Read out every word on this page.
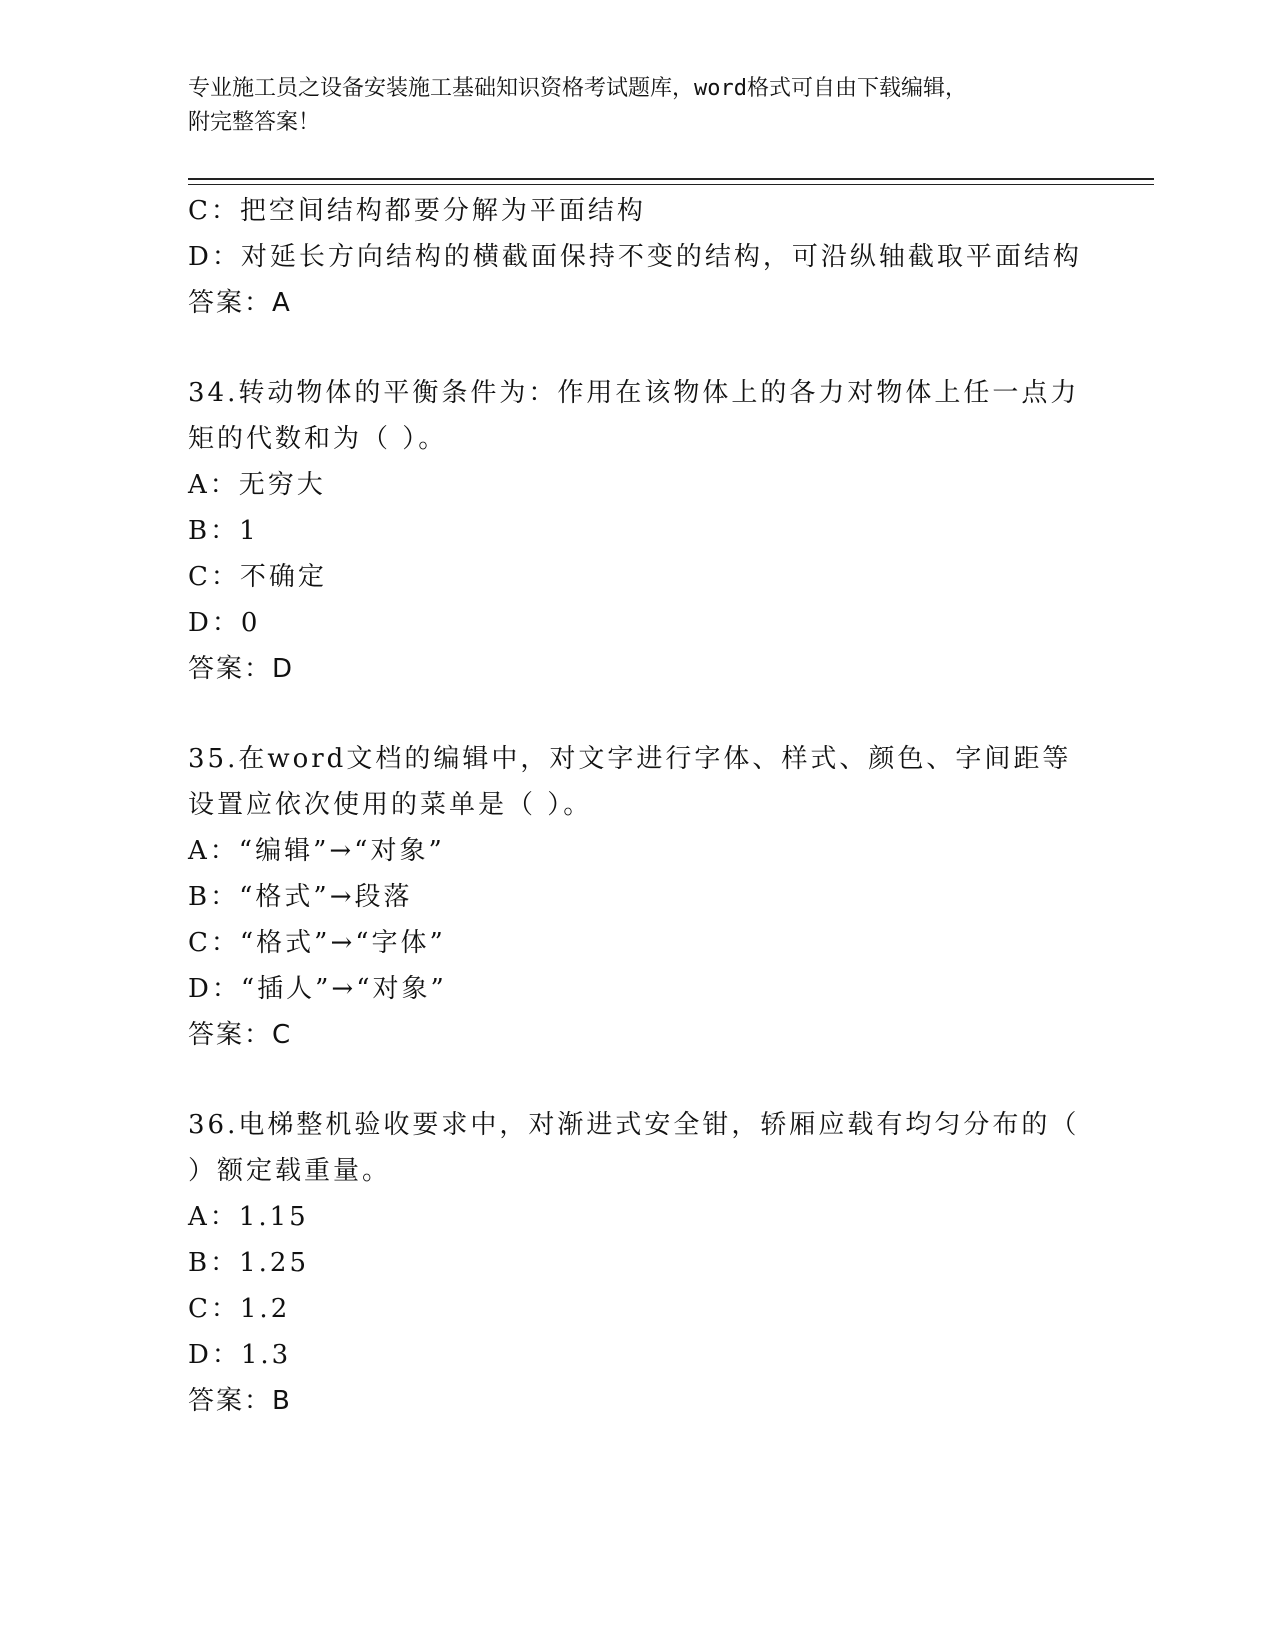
专业施工员之设备安装施工基础知识资格考试题库，word格式可自由下载编辑，
附完整答案！
C：把空间结构都要分解为平面结构
D：对延长方向结构的横截面保持不变的结构，可沿纵轴截取平面结构
答案：A
34.转动物体的平衡条件为：作用在该物体上的各力对物体上任一点力
矩的代数和为（ ）。
A：无穷大
B：1
C：不确定
D：0
答案：D
35.在word文档的编辑中，对文字进行字体、样式、颜色、字间距等
设置应依次使用的菜单是（ ）。
A：“编辑”→“对象”
B：“格式”→段落
C：“格式”→“字体”
D：“插人”→“对象”
答案：C
36.电梯整机验收要求中，对渐进式安全钳，轿厢应载有均匀分布的（
）额定载重量。
A：1.15
B：1.25
C：1.2
D：1.3
答案：B
